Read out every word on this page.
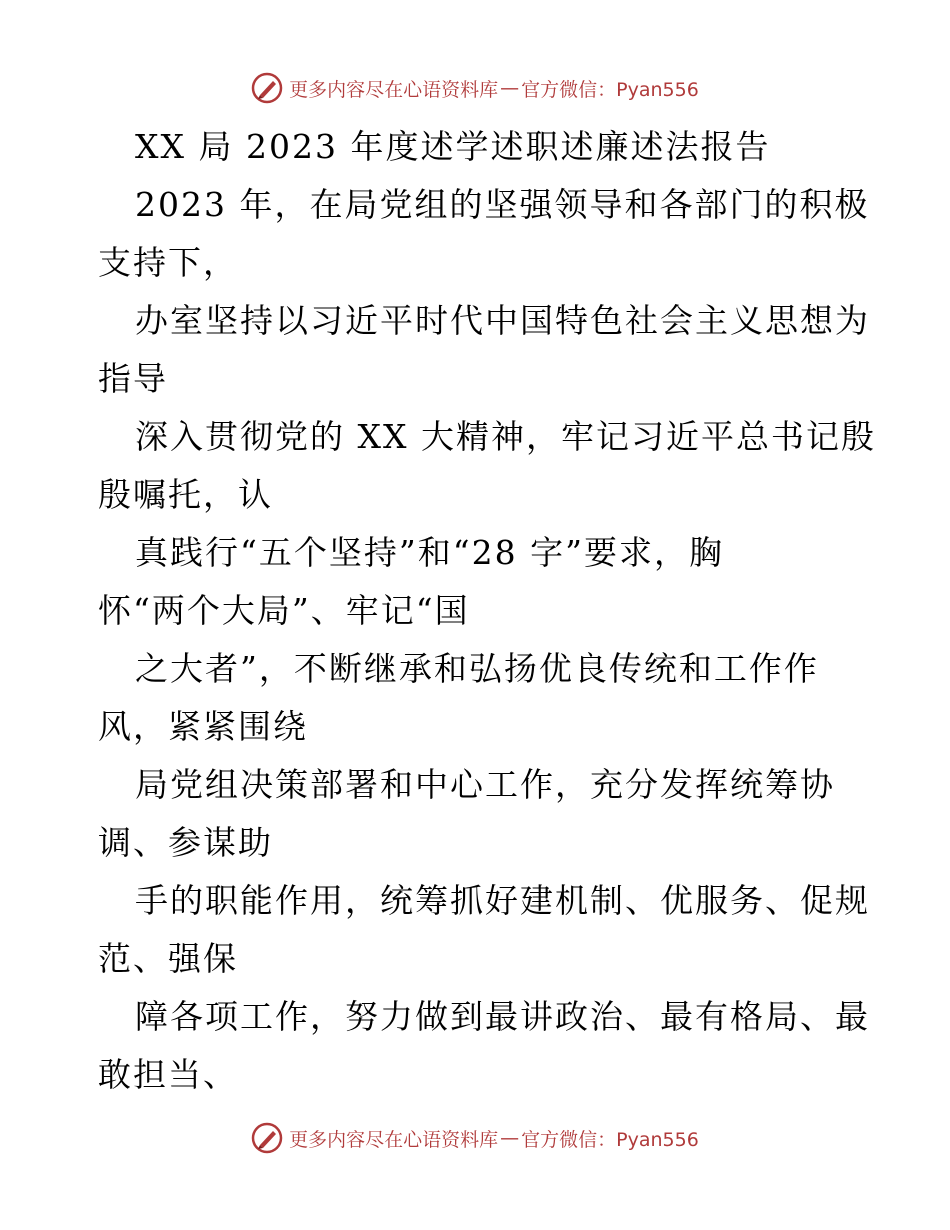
更多内容尽在心语资料库 — 官方微信：Pyan556
XX 局 2023 年度述学述职述廉述法报告
2023 年，在局党组的坚强领导和各部门的积极
支持下，
办室坚持以习近平时代中国特色社会主义思想为
指导
深入贯彻党的 XX 大精神，牢记习近平总书记殷
殷嘱托，认
真践行“五个坚持”和“28 字”要求，胸
怀“两个大局”、牢记“国
之大者”，不断继承和弘扬优良传统和工作作
风，紧紧围绕
局党组决策部署和中心工作，充分发挥统筹协
调、参谋助
手的职能作用，统筹抓好建机制、优服务、促规
范、强保
障各项工作，努力做到最讲政治、最有格局、最
敢担当、
更多内容尽在心语资料库 — 官方微信：Pyan556
